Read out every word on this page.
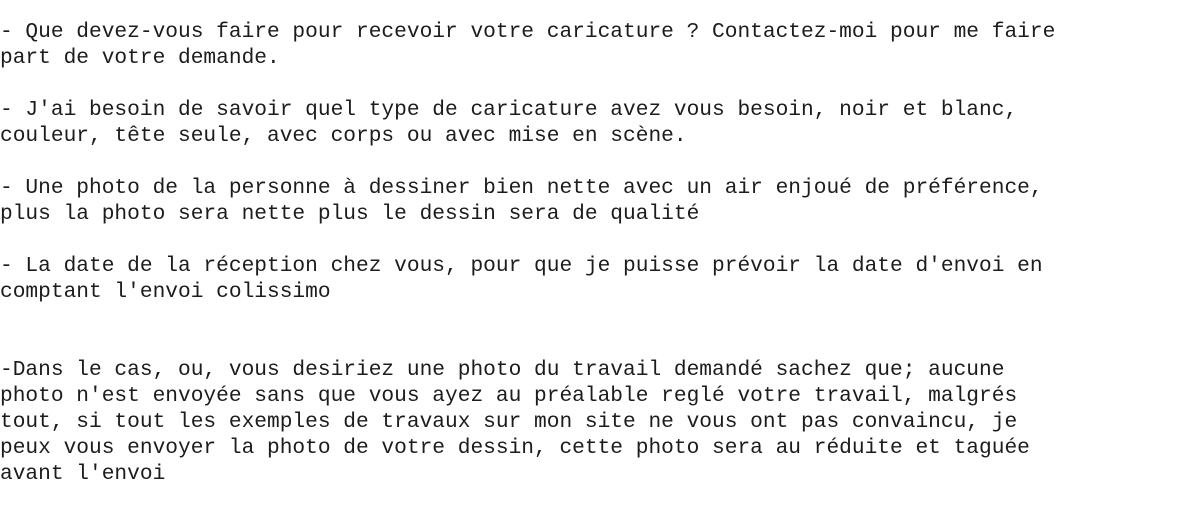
- Que devez-vous faire pour recevoir votre caricature ? Contactez-moi pour me faire
part de votre demande.
- J'ai besoin de savoir quel type de caricature avez vous besoin, noir et blanc,
couleur, tête seule, avec corps ou avec mise en scène.
- Une photo de la personne à dessiner bien nette avec un air enjoué de préférence,
plus la photo sera nette plus le dessin sera de qualité
- La date de la réception chez vous, pour que je puisse prévoir la date d'envoi en
comptant l'envoi colissimo
-Dans le cas, ou, vous desiriez une photo du travail demandé sachez que; aucune
photo n'est envoyée sans que vous ayez au préalable reglé votre travail, malgrés
tout, si tout les exemples de travaux sur mon site ne vous ont pas convaincu, je
peux vous envoyer la photo de votre dessin, cette photo sera au réduite et taguée
avant l'envoi
